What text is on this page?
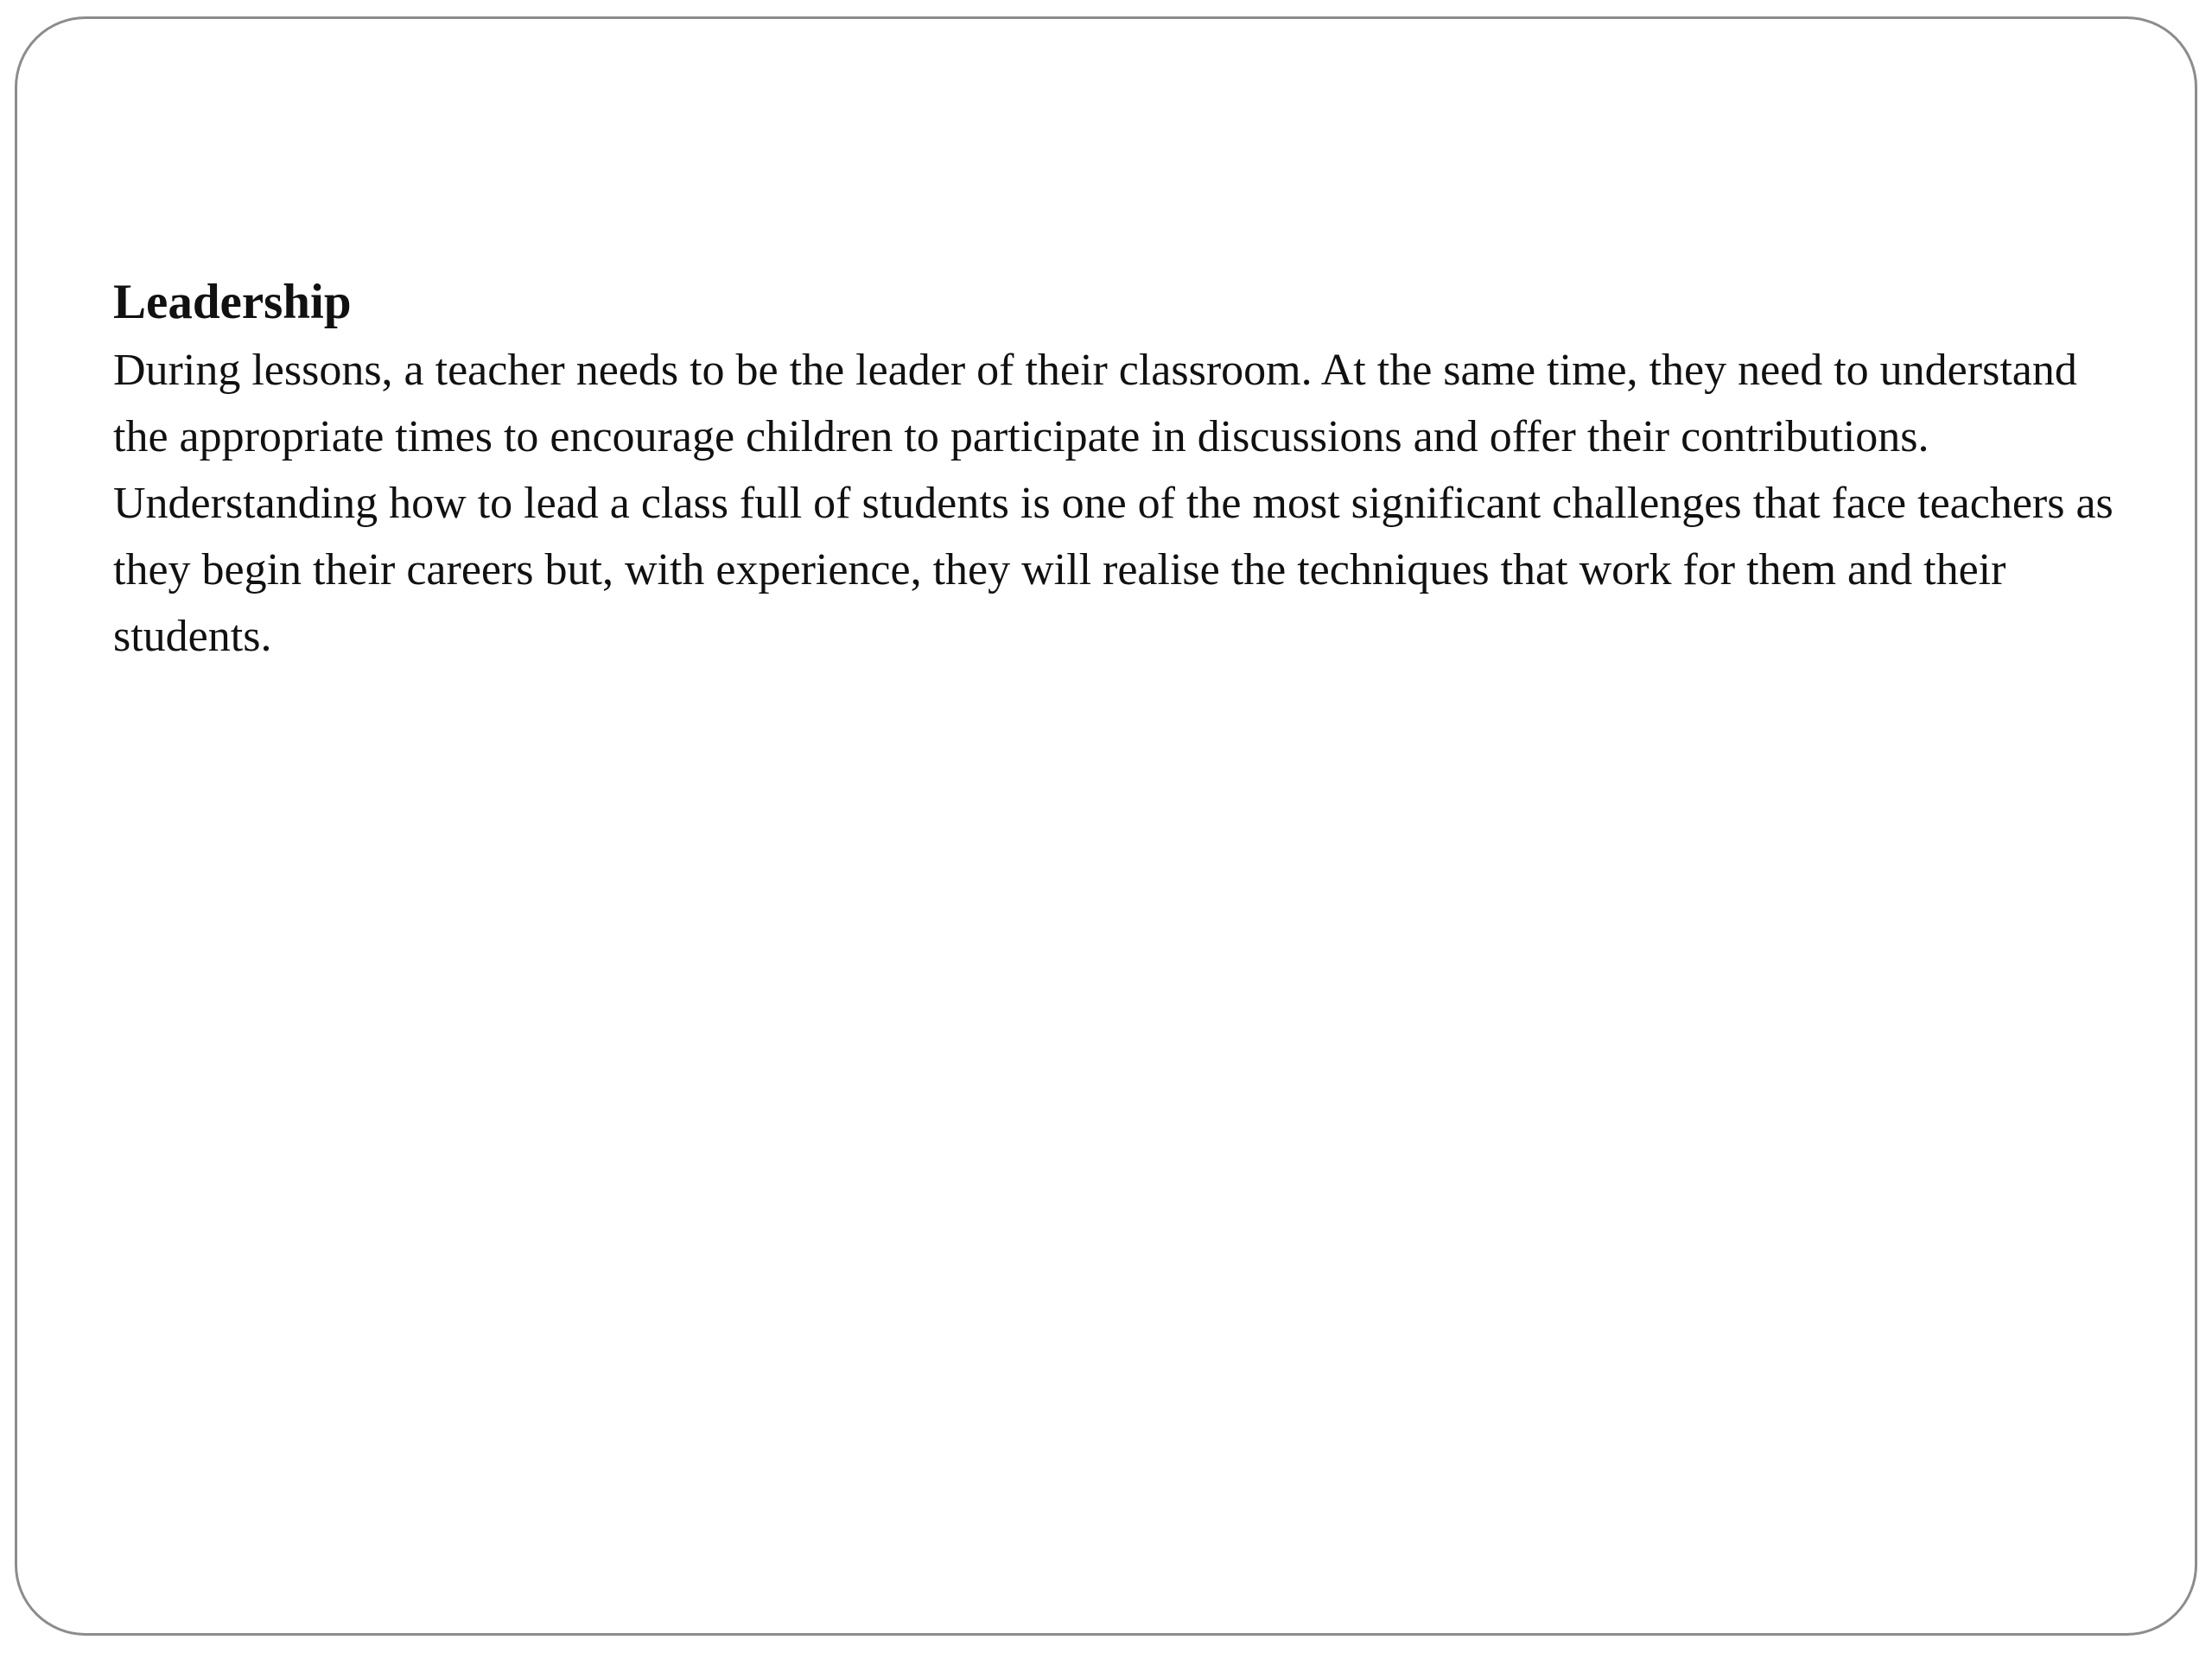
Leadership

During lessons, a teacher needs to be the leader of their classroom. At the same time, they need to understand the appropriate times to encourage children to participate in discussions and offer their contributions. Understanding how to lead a class full of students is one of the most significant challenges that face teachers as they begin their careers but, with experience, they will realise the techniques that work for them and their students.
